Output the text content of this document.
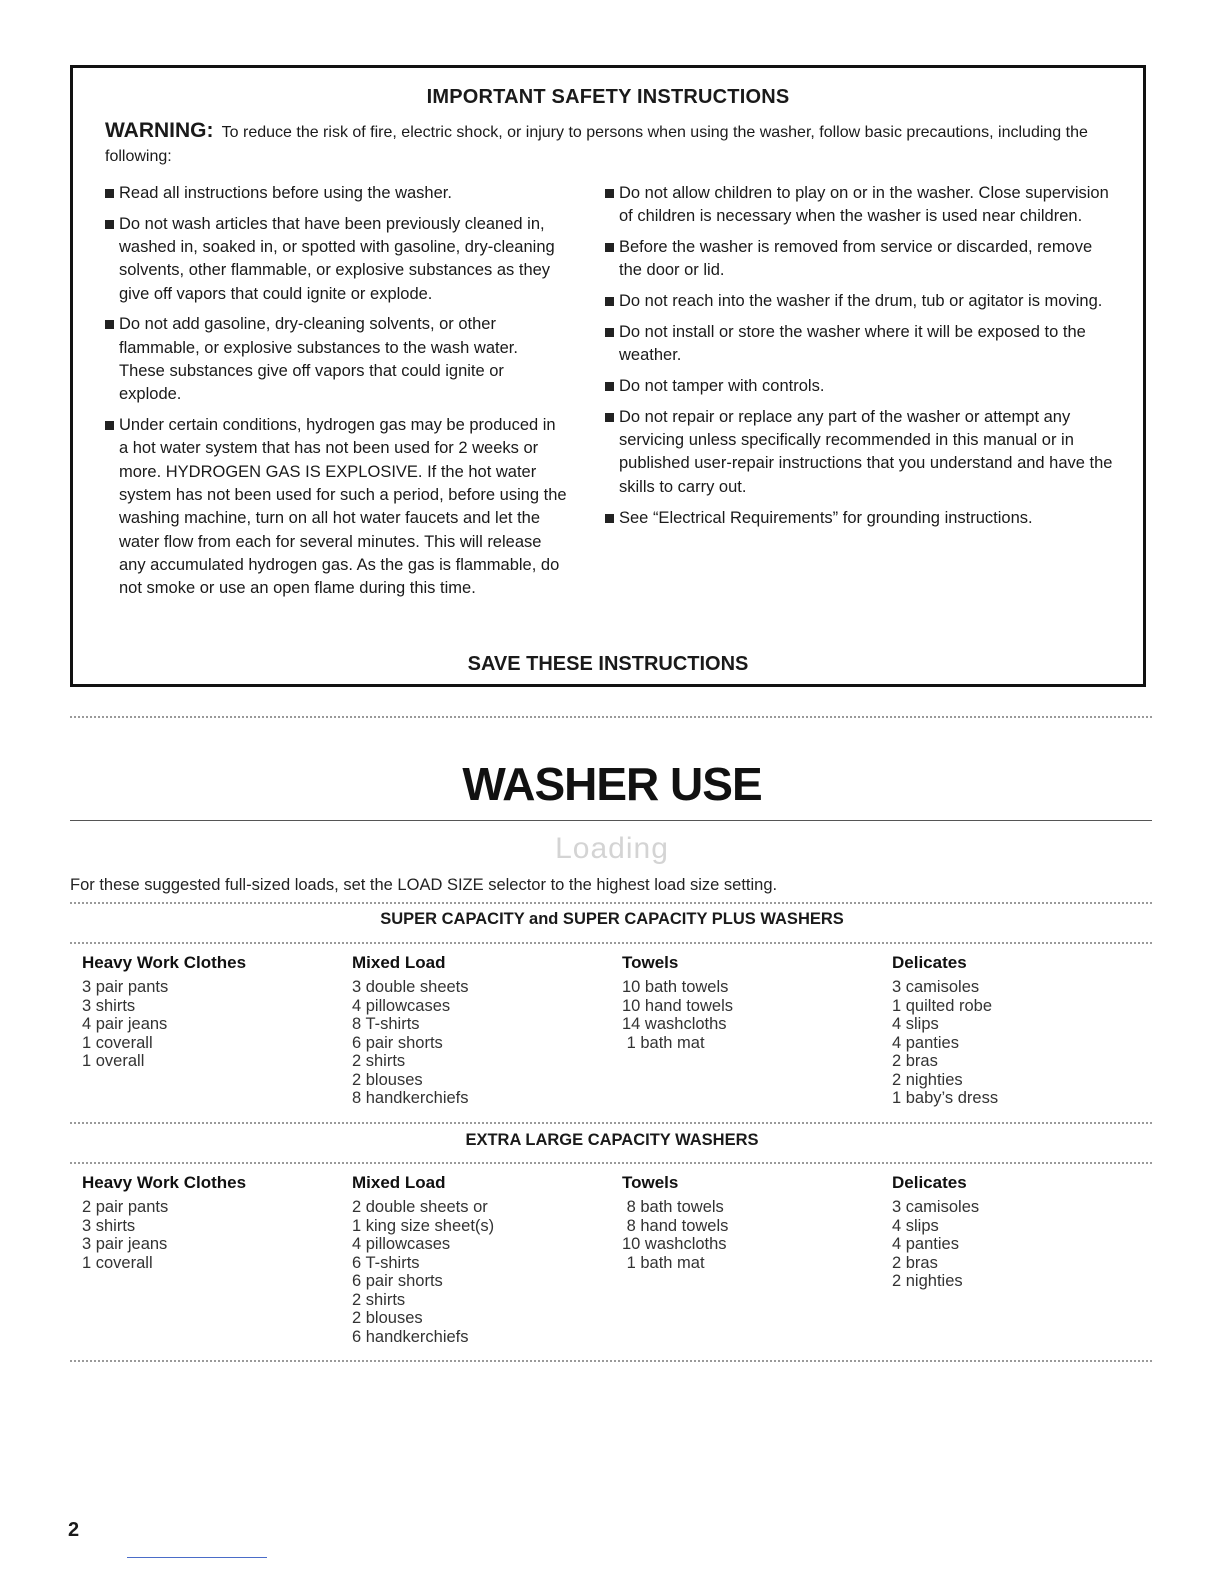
IMPORTANT SAFETY INSTRUCTIONS
WARNING: To reduce the risk of fire, electric shock, or injury to persons when using the washer, follow basic precautions, including the following:
Read all instructions before using the washer.
Do not wash articles that have been previously cleaned in, washed in, soaked in, or spotted with gasoline, dry-cleaning solvents, other flammable, or explosive substances as they give off vapors that could ignite or explode.
Do not add gasoline, dry-cleaning solvents, or other flammable, or explosive substances to the wash water. These substances give off vapors that could ignite or explode.
Under certain conditions, hydrogen gas may be produced in a hot water system that has not been used for 2 weeks or more. HYDROGEN GAS IS EXPLOSIVE. If the hot water system has not been used for such a period, before using the washing machine, turn on all hot water faucets and let the water flow from each for several minutes. This will release any accumulated hydrogen gas. As the gas is flammable, do not smoke or use an open flame during this time.
Do not allow children to play on or in the washer. Close supervision of children is necessary when the washer is used near children.
Before the washer is removed from service or discarded, remove the door or lid.
Do not reach into the washer if the drum, tub or agitator is moving.
Do not install or store the washer where it will be exposed to the weather.
Do not tamper with controls.
Do not repair or replace any part of the washer or attempt any servicing unless specifically recommended in this manual or in published user-repair instructions that you understand and have the skills to carry out.
See “Electrical Requirements” for grounding instructions.
SAVE THESE INSTRUCTIONS
WASHER USE
Loading
For these suggested full-sized loads, set the LOAD SIZE selector to the highest load size setting.
SUPER CAPACITY and SUPER CAPACITY PLUS WASHERS
Heavy Work Clothes
3 pair pants
3 shirts
4 pair jeans
1 coverall
1 overall
Mixed Load
3 double sheets
4 pillowcases
8 T-shirts
6 pair shorts
2 shirts
2 blouses
8 handkerchiefs
Towels
10 bath towels
10 hand towels
14 washcloths
1 bath mat
Delicates
3 camisoles
1 quilted robe
4 slips
4 panties
2 bras
2 nighties
1 baby’s dress
EXTRA LARGE CAPACITY WASHERS
Heavy Work Clothes
2 pair pants
3 shirts
3 pair jeans
1 coverall
Mixed Load
2 double sheets or
1 king size sheet(s)
4 pillowcases
6 T-shirts
6 pair shorts
2 shirts
2 blouses
6 handkerchiefs
Towels
8 bath towels
8 hand towels
10 washcloths
1 bath mat
Delicates
3 camisoles
4 slips
4 panties
2 bras
2 nighties
2
